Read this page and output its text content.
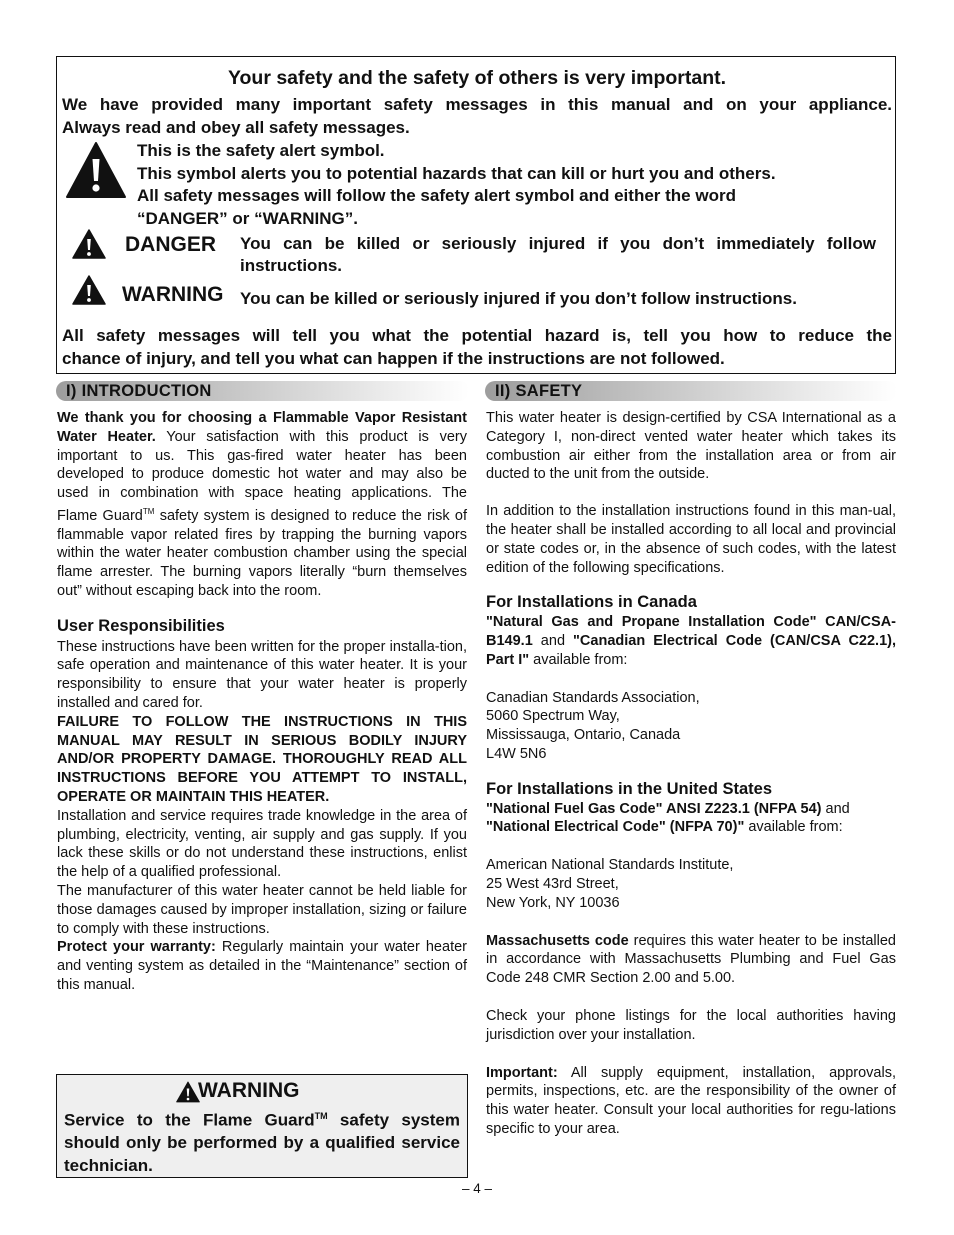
Your safety and the safety of others is very important.
We have provided many important safety messages in this manual and on your appliance.
Always read and obey all safety messages.
This is the safety alert symbol.
This symbol alerts you to potential hazards that can kill or hurt you and others.
All safety messages will follow the safety alert symbol and either the word
“DANGER” or “WARNING”.
DANGER You can be killed or seriously injured if you don’t immediately follow
instructions.
WARNING You can be killed or seriously injured if you don’t follow instructions.
All safety messages will tell you what the potential hazard is, tell you how to reduce the
chance of injury, and tell you what can happen if the instructions are not followed.
I) INTRODUCTION

We thank you for choosing a Flammable Vapor Resistant Water Heater. Your satisfaction with this product is very important to us. This gas-fired water heater has been developed to produce domestic hot water and may also be used in combination with space heating applications. The Flame Guard™ safety system is designed to reduce the risk of flammable vapor related fires by trapping the burning vapors within the water heater combustion chamber using the special flame arrester. The burning vapors literally “burn themselves out” without escaping back into the room.

User Responsibilities

These instructions have been written for the proper installa-tion, safe operation and maintenance of this water heater. It is your responsibility to ensure that your water heater is properly installed and cared for.

FAILURE TO FOLLOW THE INSTRUCTIONS IN THIS MANUAL MAY RESULT IN SERIOUS BODILY INJURY AND/OR PROPERTY DAMAGE. THOROUGHLY READ ALL INSTRUCTIONS BEFORE YOU ATTEMPT TO INSTALL, OPERATE OR MAINTAIN THIS HEATER.

Installation and service requires trade knowledge in the area of plumbing, electricity, venting, air supply and gas supply. If you lack these skills or do not understand these instructions, enlist the help of a qualified professional.

The manufacturer of this water heater cannot be held liable for those damages caused by improper installation, sizing or failure to comply with these instructions.

Protect your warranty: Regularly maintain your water heater and venting system as detailed in the “Maintenance” section of this manual.

WARNING
Service to the Flame Guard™ safety system should only be performed by a qualified service technician.
II) SAFETY

This water heater is design-certified by CSA International as a Category I, non-direct vented water heater which takes its combustion air either from the installation area or from air ducted to the unit from the outside.

In addition to the installation instructions found in this man-ual, the heater shall be installed according to all local and provincial or state codes or, in the absence of such codes, with the latest edition of the following specifications.

For Installations in Canada

"Natural Gas and Propane Installation Code" CAN/CSA-B149.1 and "Canadian Electrical Code (CAN/CSA C22.1), Part I" available from:

Canadian Standards Association,

5060 Spectrum Way,

Mississauga, Ontario, Canada

L4W 5N6

For Installations in the United States

"National Fuel Gas Code" ANSI Z223.1 (NFPA 54) and
"National Electrical Code" (NFPA 70)" available from:

American National Standards Institute,

25 West 43rd Street,

New York, NY 10036

Massachusetts code requires this water heater to be installed in accordance with Massachusetts Plumbing and Fuel Gas Code 248 CMR Section 2.00 and 5.00.

Check your phone listings for the local authorities having jurisdiction over your installation.

Important: All supply equipment, installation, approvals, permits, inspections, etc. are the responsibility of the owner of this water heater. Consult your local authorities for regu-lations specific to your area.

– 4 –
